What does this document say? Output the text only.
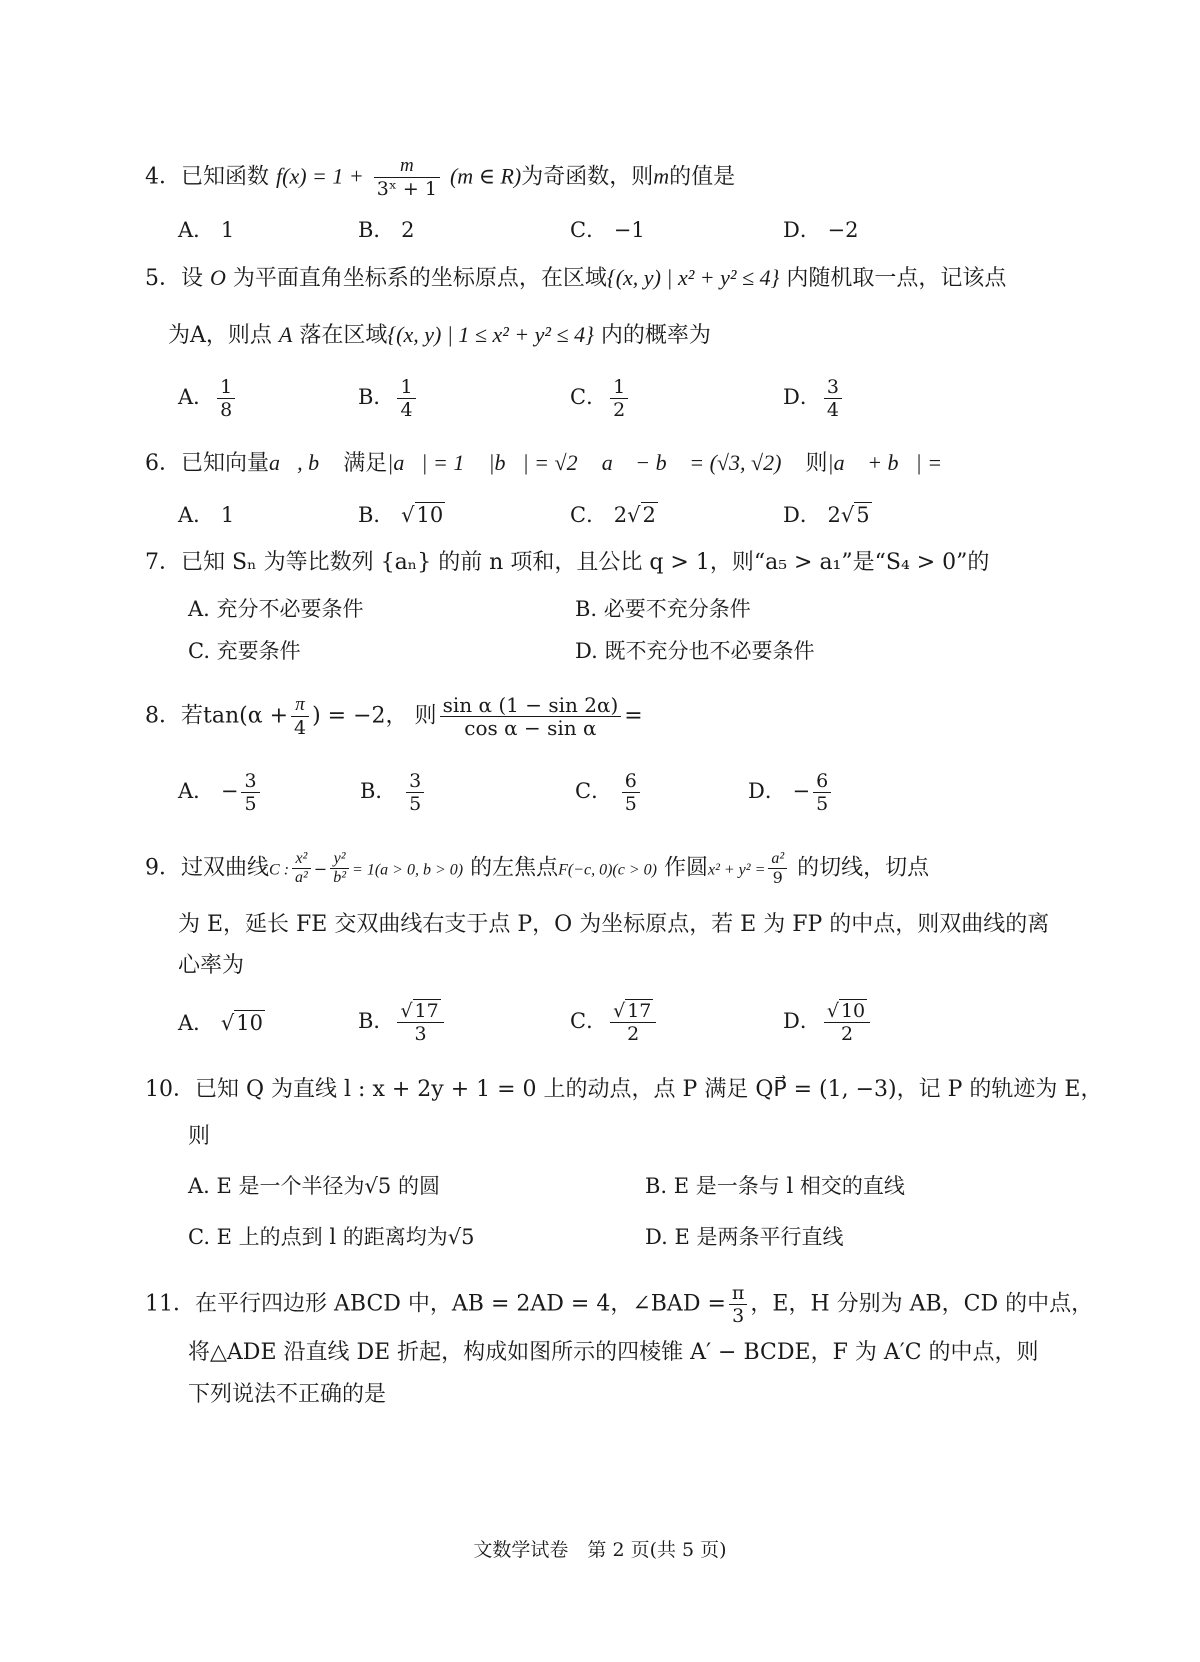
4．已知函数 $f(x) = 1 + \frac{m}{\text{3ˣ + 1}} (m$ ∈ R)为奇函数，则m的值是
A． 1	B． 2	C． −1	D． −2
5．设 O 为平面直角坐标系的坐标原点，在区域{(x, y) | x² + y² ≤ 4} 内随机取一点，记该点
为A，则点 A 落在区域{(x, y) | 1 ≤ x² + y² ≤ 4} 内的概率为
A． $\frac{1}{8}$	B． $\frac{1}{4}$	C． $\frac{1}{2}$	D． $\frac{3}{4}$
6．已知向量a⃗, b⃗ 满足|a⃗| = 1， |b⃗| = √2， a⃗ − b⃗ = (√3, √2)， 则|a⃗ + b⃗| =
A． 1	B． √10	C． 2√2	D． 2√5
7．已知 Sₙ 为等比数列 {aₙ} 的前 n 项和，且公比 q > 1，则“a₅ > a₁”是“S₄ > 0”的
A. 充分不必要条件	B. 必要不充分条件
C. 充要条件	D. 既不充分也不必要条件
8．若$\tan(\alpha + \frac{\pi}{4}$ ) = −2， 则 $\frac{\text{sin α (1 − sin 2α)}}{\text{cos α − sin α}}$ =
A． − $\frac{3}{5}$	B． $\frac{3}{5}$	C． $\frac{6}{5}$	D． − $\frac{6}{5}$
9．过双曲线C : $\frac{\text{x²}}{\text{a²}} - \frac{\text{y²}}{\text{b²}} = 1(a > 0$, b > 0) 的左焦点F(−c, 0)(c > 0) 作圆$x^2 + y^2 = \frac{\text{a²}}{9}$ 的切线，切点
为 E，延长 FE 交双曲线右支于点 P，O 为坐标原点，若 E 为 FP 的中点，则双曲线的离
心率为
A． √10	B． $\frac{√ 17}{3}$	C． $\frac{√ 17}{2}$	D． $\frac{√ 10}{2}$
10．已知 Q 为直线 l : x + 2y + 1 = 0 上的动点，点 P 满足 QP⃗ = (1, −3)，记 P 的轨迹为 E，
则
A. E 是一个半径为√5 的圆	B. E 是一条与 l 相交的直线
C. E 上的点到 l 的距离均为√5	D. E 是两条平行直线
11．在平行四边形 ABCD 中，AB = 2AD = 4，∠BAD = $\frac{\pi}{3}$ ，E，H 分别为 AB，CD 的中点，
将△ADE 沿直线 DE 折起，构成如图所示的四棱锥 A′ − BCDE，F 为 A′C 的中点，则
下列说法不正确的是
文数学试卷　第 2 页(共 5 页)
